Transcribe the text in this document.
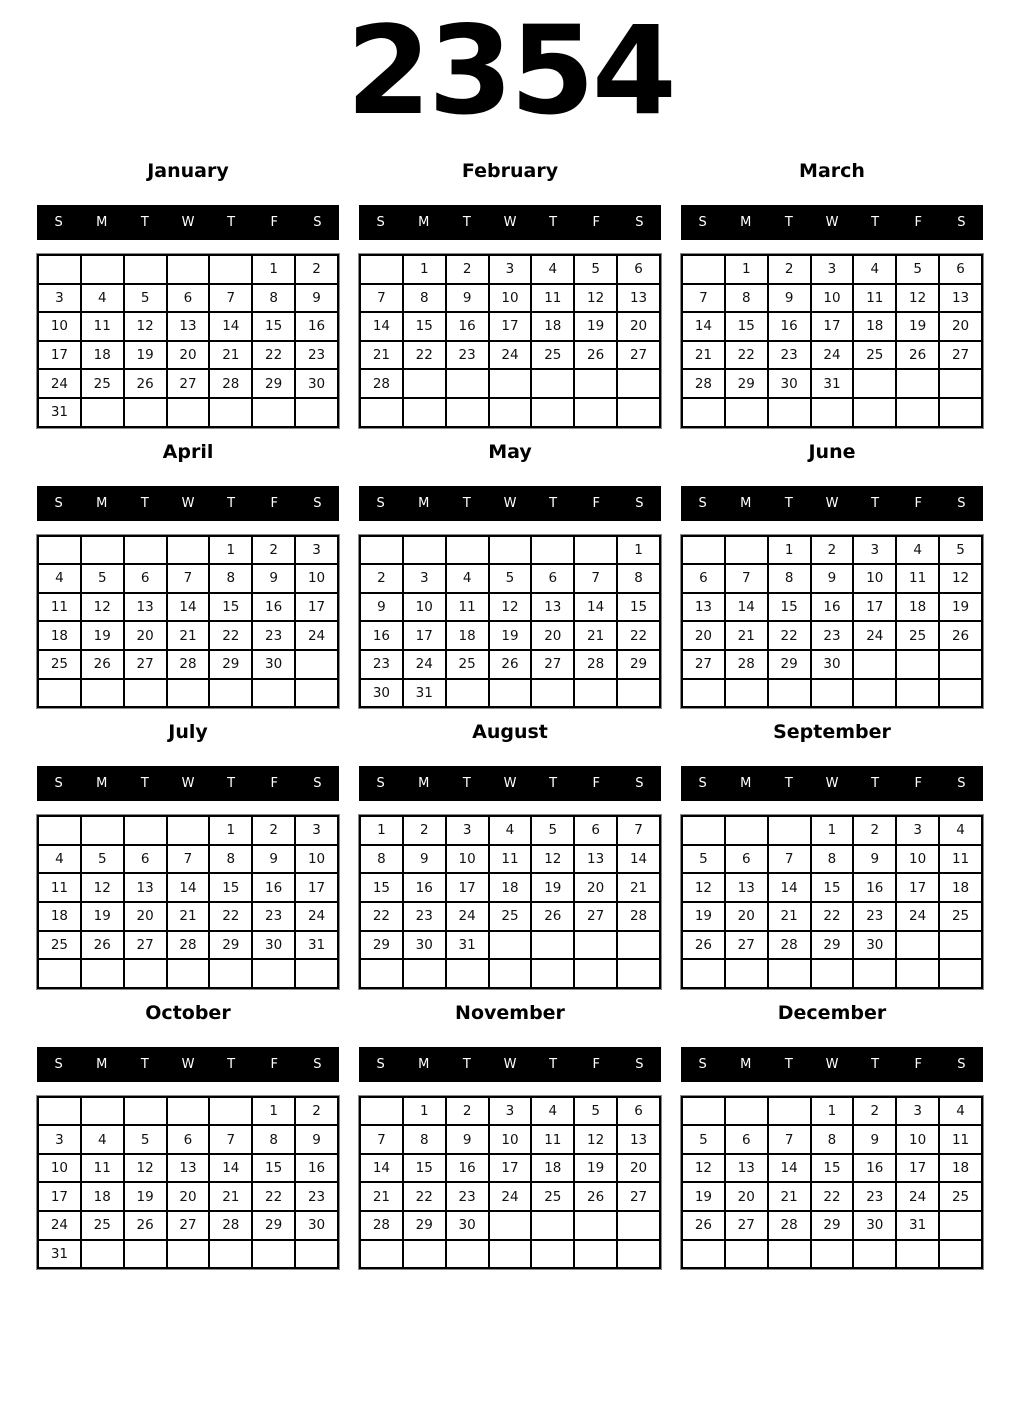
2354
January
S	M	T	W	T	F	S
					1	2
3	4	5	6	7	8	9
10	11	12	13	14	15	16
17	18	19	20	21	22	23
24	25	26	27	28	29	30
31						
February
S	M	T	W	T	F	S
	1	2	3	4	5	6
7	8	9	10	11	12	13
14	15	16	17	18	19	20
21	22	23	24	25	26	27
28						

March
S	M	T	W	T	F	S
	1	2	3	4	5	6
7	8	9	10	11	12	13
14	15	16	17	18	19	20
21	22	23	24	25	26	27
28	29	30	31			

April
S	M	T	W	T	F	S
				1	2	3
4	5	6	7	8	9	10
11	12	13	14	15	16	17
18	19	20	21	22	23	24
25	26	27	28	29	30	

May
S	M	T	W	T	F	S
						1
2	3	4	5	6	7	8
9	10	11	12	13	14	15
16	17	18	19	20	21	22
23	24	25	26	27	28	29
30	31					
June
S	M	T	W	T	F	S
		1	2	3	4	5
6	7	8	9	10	11	12
13	14	15	16	17	18	19
20	21	22	23	24	25	26
27	28	29	30			

July
S	M	T	W	T	F	S
				1	2	3
4	5	6	7	8	9	10
11	12	13	14	15	16	17
18	19	20	21	22	23	24
25	26	27	28	29	30	31

August
S	M	T	W	T	F	S
1	2	3	4	5	6	7
8	9	10	11	12	13	14
15	16	17	18	19	20	21
22	23	24	25	26	27	28
29	30	31				

September
S	M	T	W	T	F	S
			1	2	3	4
5	6	7	8	9	10	11
12	13	14	15	16	17	18
19	20	21	22	23	24	25
26	27	28	29	30		

October
S	M	T	W	T	F	S
					1	2
3	4	5	6	7	8	9
10	11	12	13	14	15	16
17	18	19	20	21	22	23
24	25	26	27	28	29	30
31						
November
S	M	T	W	T	F	S
	1	2	3	4	5	6
7	8	9	10	11	12	13
14	15	16	17	18	19	20
21	22	23	24	25	26	27
28	29	30				

December
S	M	T	W	T	F	S
			1	2	3	4
5	6	7	8	9	10	11
12	13	14	15	16	17	18
19	20	21	22	23	24	25
26	27	28	29	30	31	
